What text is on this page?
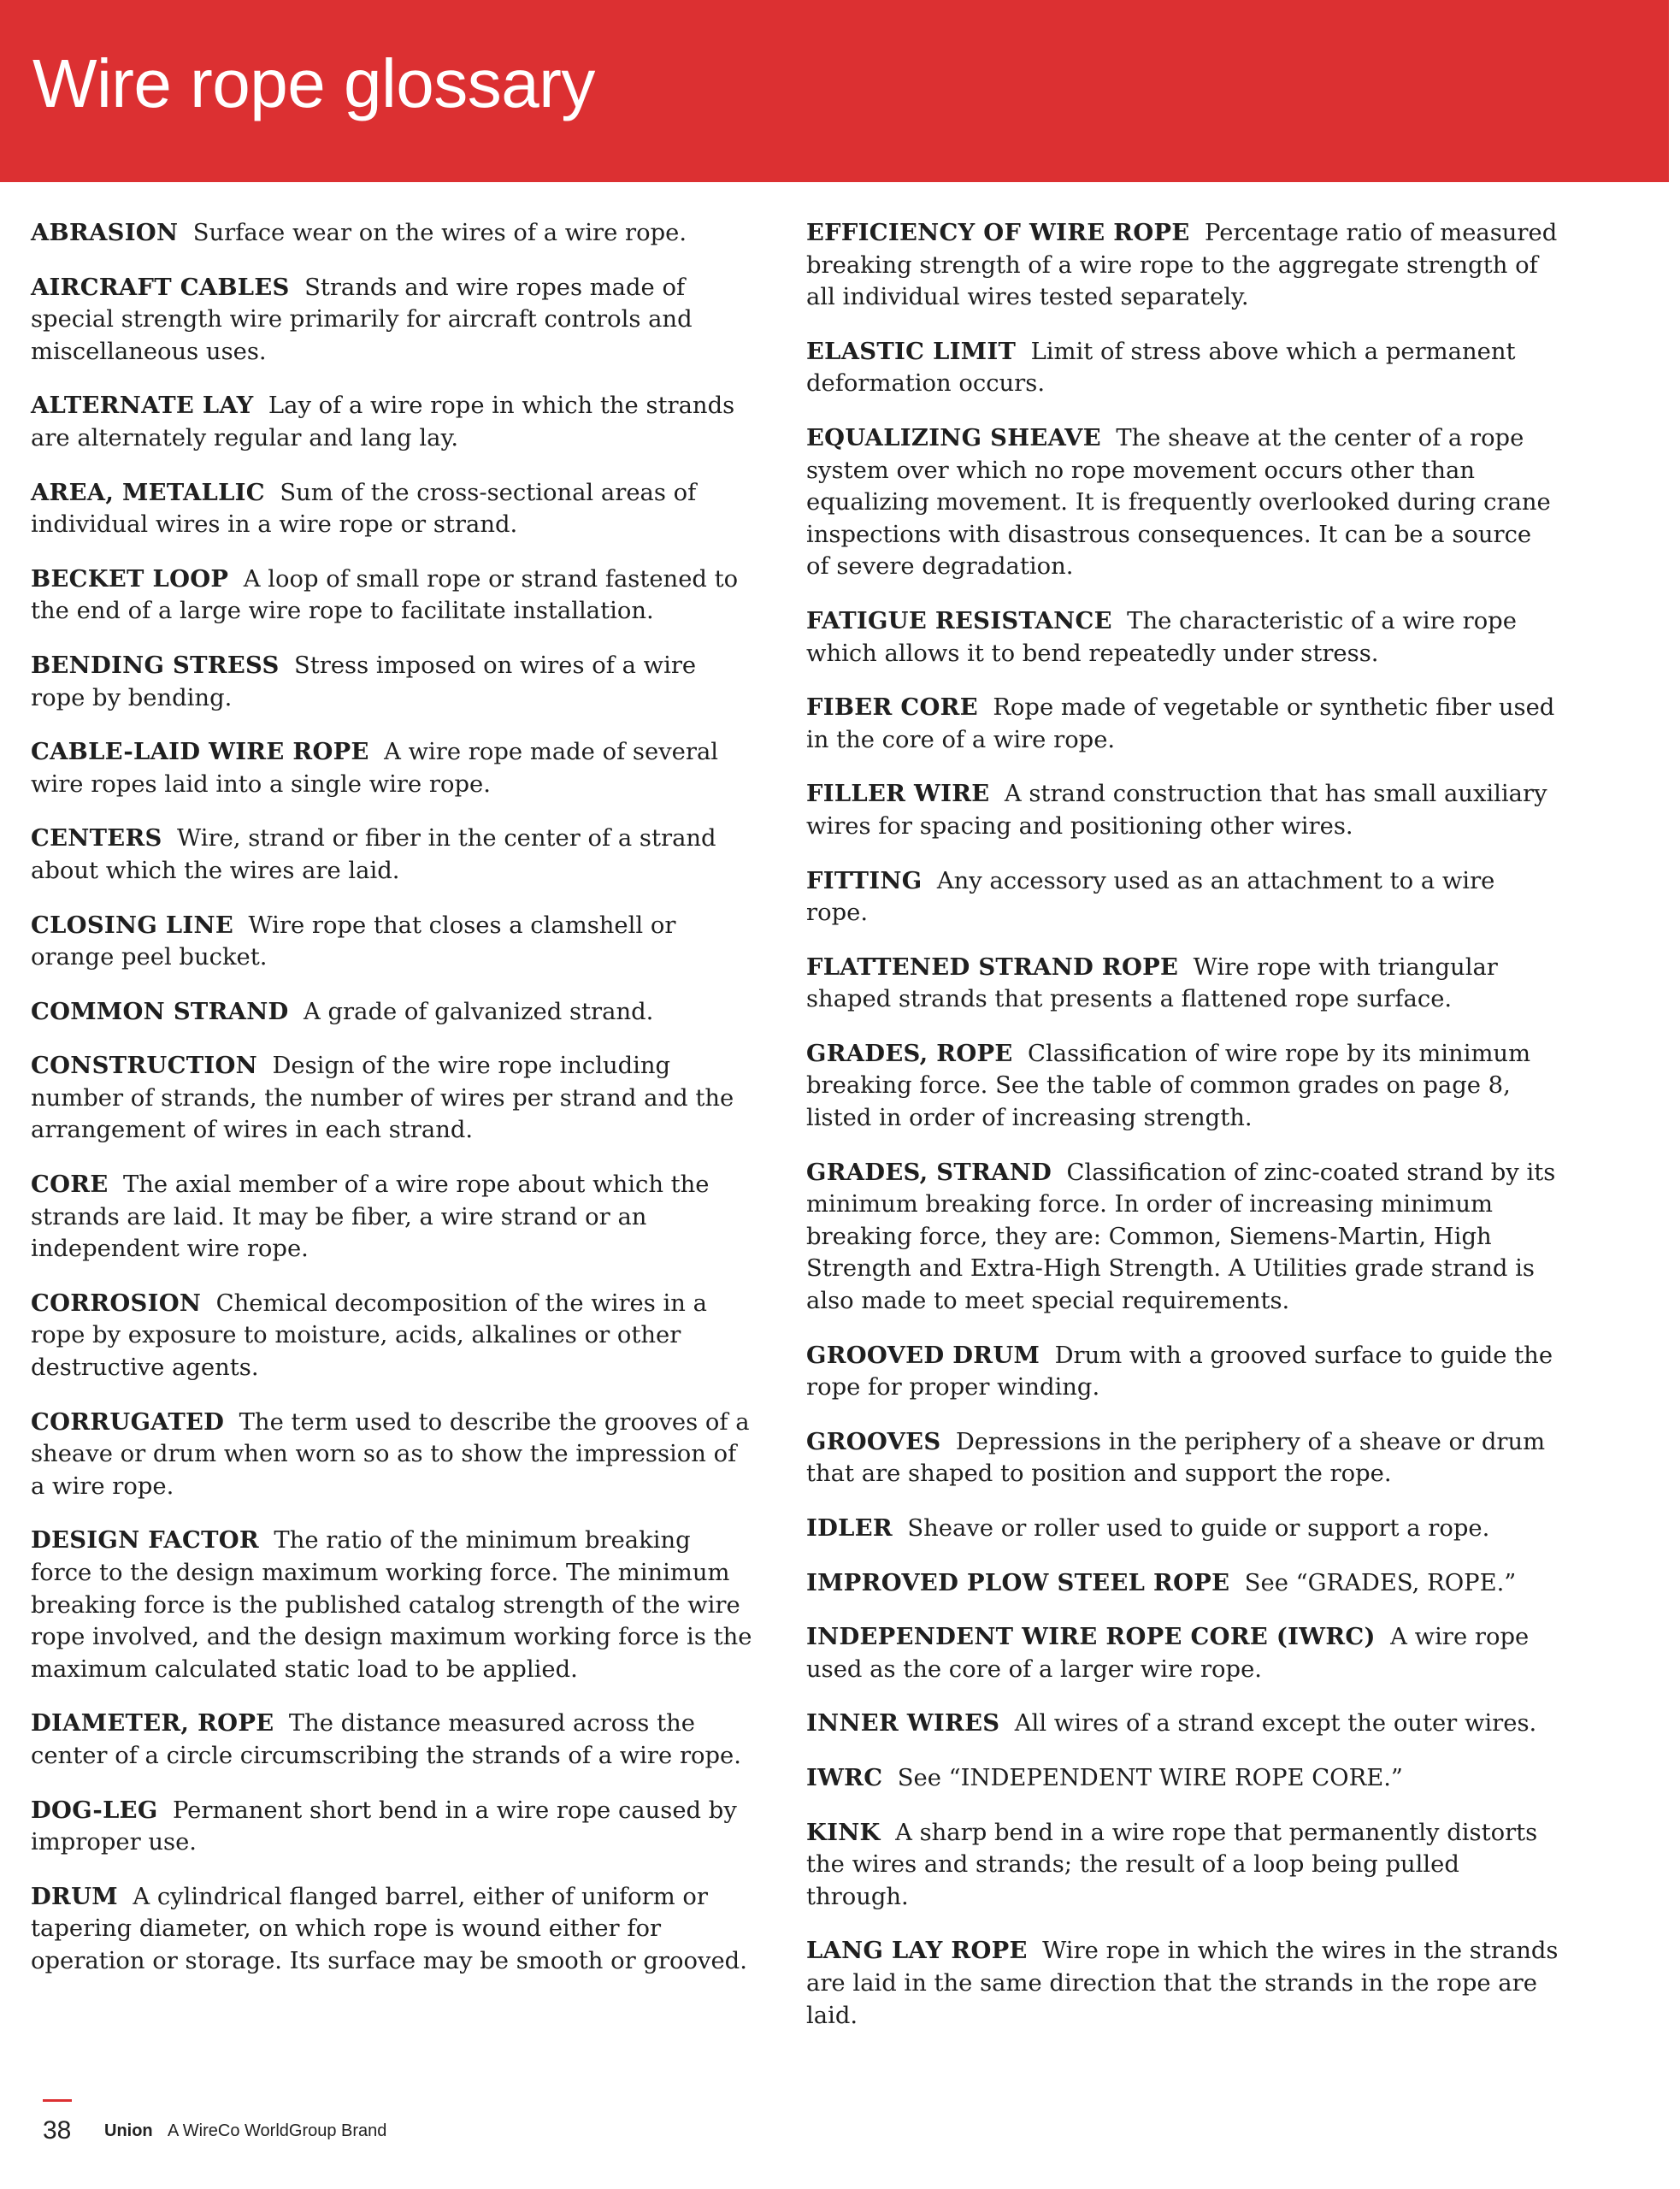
Wire rope glossary

ABRASION Surface wear on the wires of a wire rope.

AIRCRAFT CABLES Strands and wire ropes made of special strength wire primarily for aircraft controls and miscellaneous uses.

ALTERNATE LAY Lay of a wire rope in which the strands are alternately regular and lang lay.

AREA, METALLIC Sum of the cross-sectional areas of individual wires in a wire rope or strand.

BECKET LOOP A loop of small rope or strand fastened to the end of a large wire rope to facilitate installation.

BENDING STRESS Stress imposed on wires of a wire rope by bending.

CABLE-LAID WIRE ROPE A wire rope made of several wire ropes laid into a single wire rope.

CENTERS Wire, strand or fiber in the center of a strand about which the wires are laid.

CLOSING LINE Wire rope that closes a clamshell or orange peel bucket.

COMMON STRAND A grade of galvanized strand.

CONSTRUCTION Design of the wire rope including number of strands, the number of wires per strand and the arrangement of wires in each strand.

CORE The axial member of a wire rope about which the strands are laid. It may be fiber, a wire strand or an independent wire rope.

CORROSION Chemical decomposition of the wires in a rope by exposure to moisture, acids, alkalines or other destructive agents.

CORRUGATED The term used to describe the grooves of a sheave or drum when worn so as to show the impression of a wire rope.

DESIGN FACTOR The ratio of the minimum breaking force to the design maximum working force. The minimum breaking force is the published catalog strength of the wire rope involved, and the design maximum working force is the maximum calculated static load to be applied.

DIAMETER, ROPE The distance measured across the center of a circle circumscribing the strands of a wire rope.

DOG-LEG Permanent short bend in a wire rope caused by improper use.

DRUM A cylindrical flanged barrel, either of uniform or tapering diameter, on which rope is wound either for operation or storage. Its surface may be smooth or grooved.

EFFICIENCY OF WIRE ROPE Percentage ratio of measured breaking strength of a wire rope to the aggregate strength of all individual wires tested separately.

ELASTIC LIMIT Limit of stress above which a permanent deformation occurs.

EQUALIZING SHEAVE The sheave at the center of a rope system over which no rope movement occurs other than equalizing movement. It is frequently overlooked during crane inspections with disastrous consequences. It can be a source of severe degradation.

FATIGUE RESISTANCE The characteristic of a wire rope which allows it to bend repeatedly under stress.

FIBER CORE Rope made of vegetable or synthetic fiber used in the core of a wire rope.

FILLER WIRE A strand construction that has small auxiliary wires for spacing and positioning other wires.

FITTING Any accessory used as an attachment to a wire rope.

FLATTENED STRAND ROPE Wire rope with triangular shaped strands that presents a flattened rope surface.

GRADES, ROPE Classification of wire rope by its minimum breaking force. See the table of common grades on page 8, listed in order of increasing strength.

GRADES, STRAND Classification of zinc-coated strand by its minimum breaking force. In order of increasing minimum breaking force, they are: Common, Siemens-Martin, High Strength and Extra-High Strength. A Utilities grade strand is also made to meet special requirements.

GROOVED DRUM Drum with a grooved surface to guide the rope for proper winding.

GROOVES Depressions in the periphery of a sheave or drum that are shaped to position and support the rope.

IDLER Sheave or roller used to guide or support a rope.

IMPROVED PLOW STEEL ROPE See “GRADES, ROPE.”

INDEPENDENT WIRE ROPE CORE (IWRC) A wire rope used as the core of a larger wire rope.

INNER WIRES All wires of a strand except the outer wires.

IWRC See “INDEPENDENT WIRE ROPE CORE.”

KINK A sharp bend in a wire rope that permanently distorts the wires and strands; the result of a loop being pulled through.

LANG LAY ROPE Wire rope in which the wires in the strands are laid in the same direction that the strands in the rope are laid.

38 Union A WireCo WorldGroup Brand
